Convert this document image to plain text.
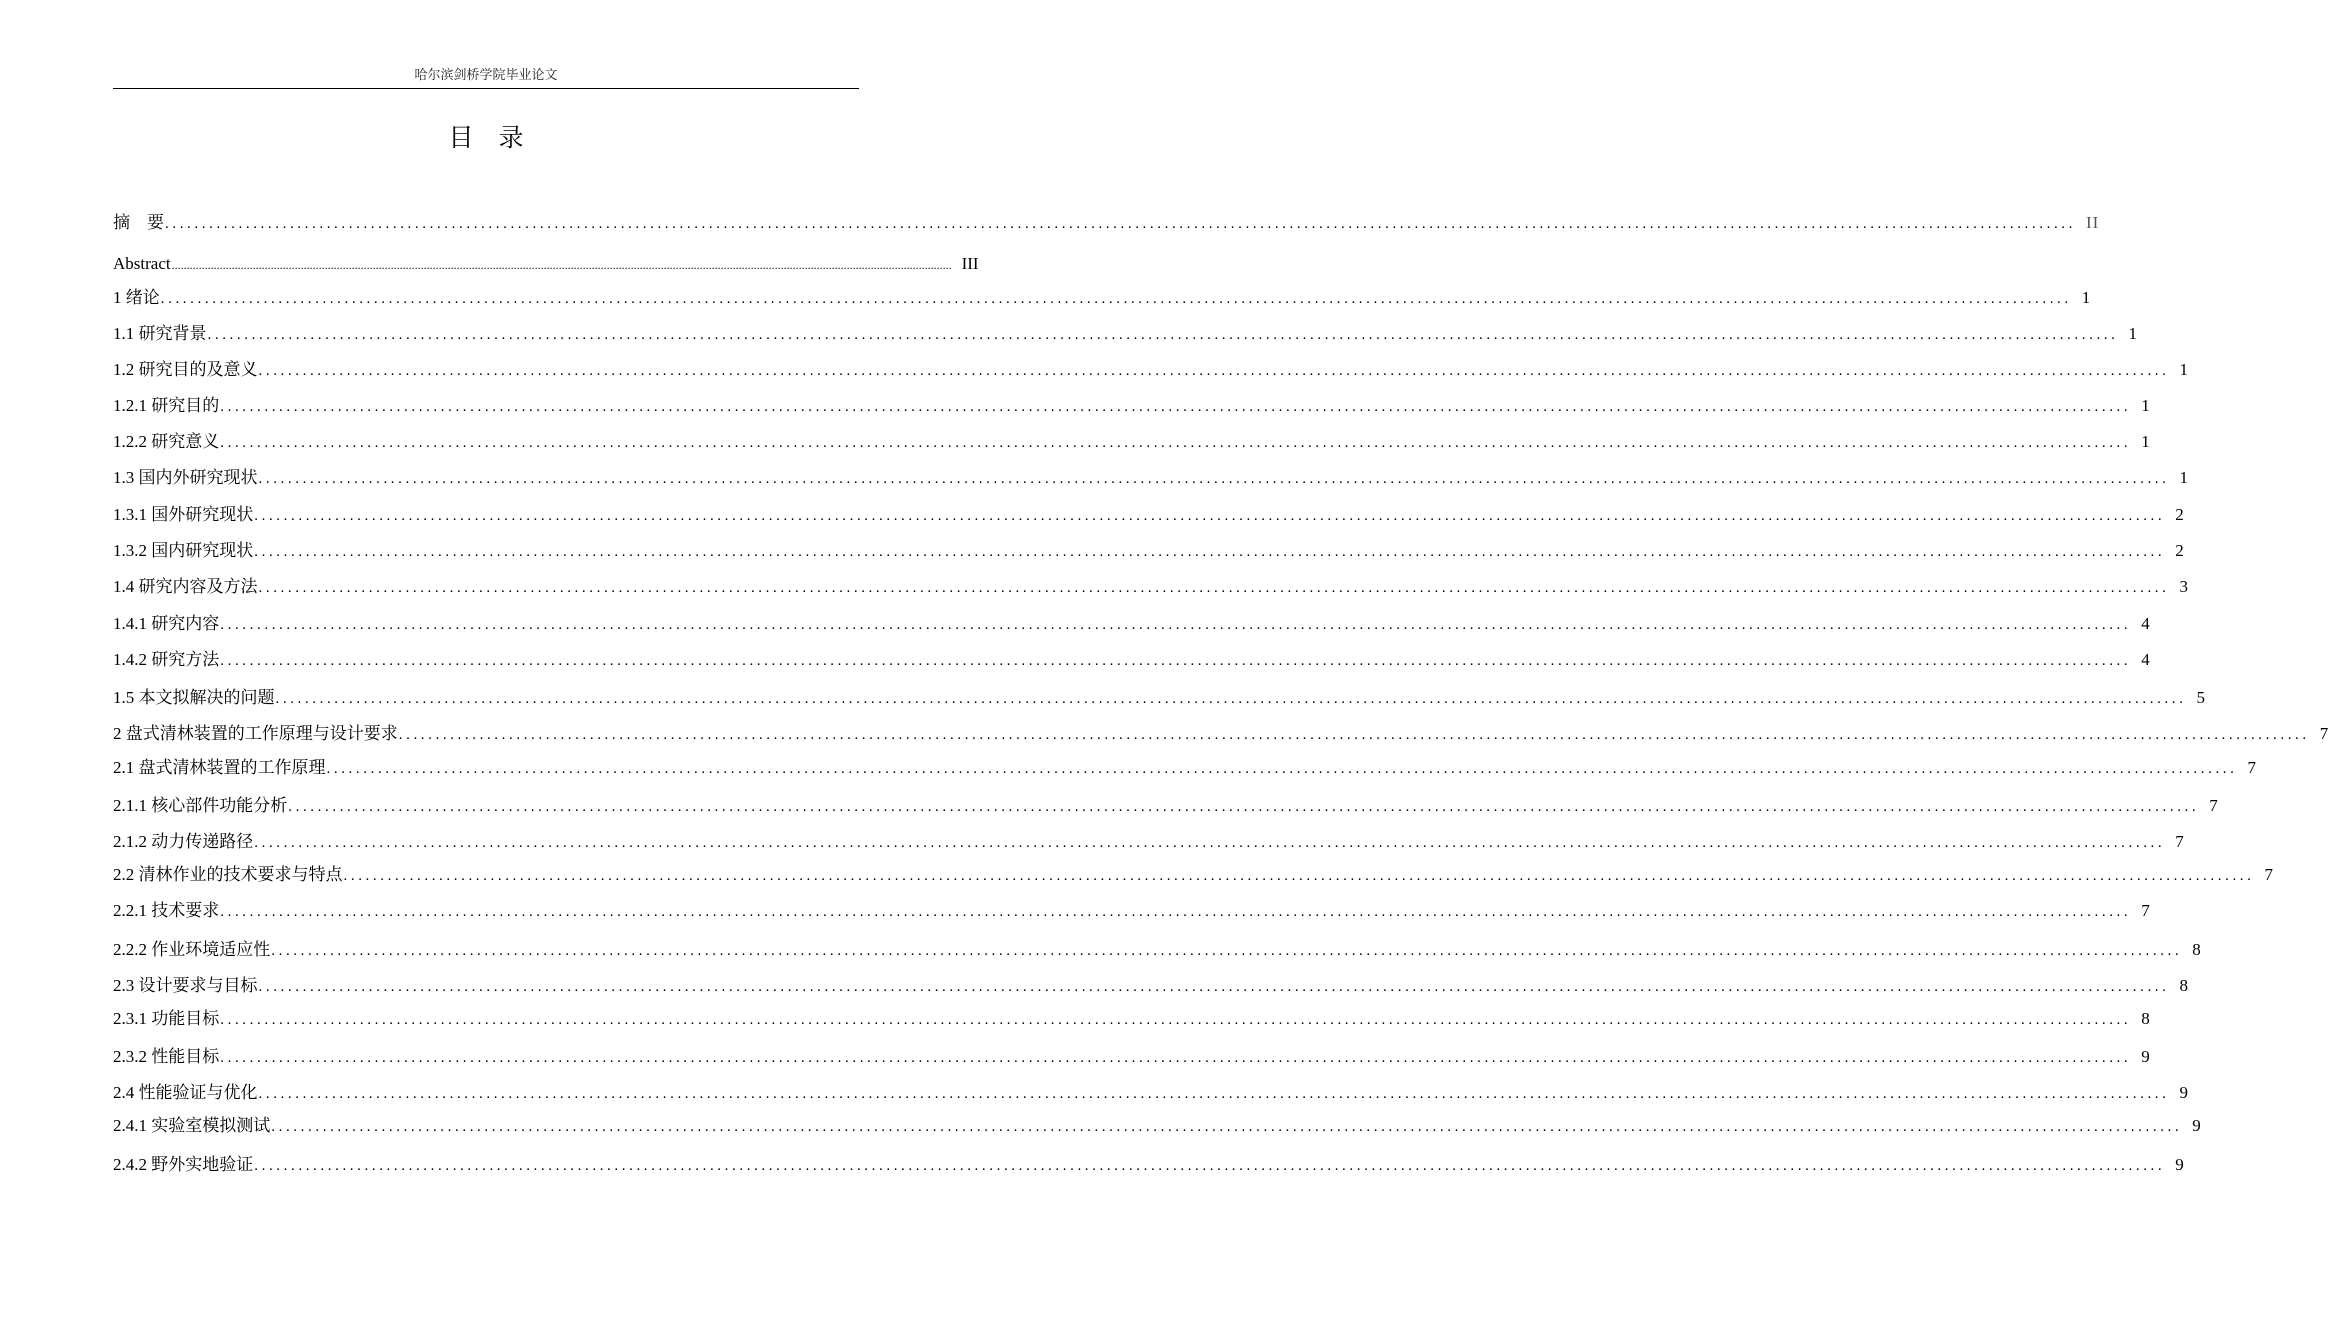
哈尔滨剑桥学院毕业论文
目　录
摘　要 .................................................................................................................................................................................................................................................................... II
Abstract .................................................................................................................................................................................................................................................................... III
1 绪论 .................................................................................................................................................................................................................................................................... 1
1.1 研究背景 .................................................................................................................................................................................................................................................................... 1
1.2 研究目的及意义 .................................................................................................................................................................................................................................................................... 1
1.2.1 研究目的 .................................................................................................................................................................................................................................................................... 1
1.2.2 研究意义 .................................................................................................................................................................................................................................................................... 1
1.3 国内外研究现状 .................................................................................................................................................................................................................................................................... 1
1.3.1 国外研究现状 .................................................................................................................................................................................................................................................................... 2
1.3.2 国内研究现状 .................................................................................................................................................................................................................................................................... 2
1.4 研究内容及方法 .................................................................................................................................................................................................................................................................... 3
1.4.1 研究内容 .................................................................................................................................................................................................................................................................... 4
1.4.2 研究方法 .................................................................................................................................................................................................................................................................... 4
1.5 本文拟解决的问题 .................................................................................................................................................................................................................................................................... 5
2 盘式清林装置的工作原理与设计要求 .................................................................................................................................................................................................................................................................... 7
2.1 盘式清林装置的工作原理 .................................................................................................................................................................................................................................................................... 7
2.1.1 核心部件功能分析 .................................................................................................................................................................................................................................................................... 7
2.1.2 动力传递路径 .................................................................................................................................................................................................................................................................... 7
2.2 清林作业的技术要求与特点 .................................................................................................................................................................................................................................................................... 7
2.2.1 技术要求 .................................................................................................................................................................................................................................................................... 7
2.2.2 作业环境适应性 .................................................................................................................................................................................................................................................................... 8
2.3 设计要求与目标 .................................................................................................................................................................................................................................................................... 8
2.3.1 功能目标 .................................................................................................................................................................................................................................................................... 8
2.3.2 性能目标 .................................................................................................................................................................................................................................................................... 9
2.4 性能验证与优化 .................................................................................................................................................................................................................................................................... 9
2.4.1 实验室模拟测试 .................................................................................................................................................................................................................................................................... 9
2.4.2 野外实地验证 .................................................................................................................................................................................................................................................................... 9
